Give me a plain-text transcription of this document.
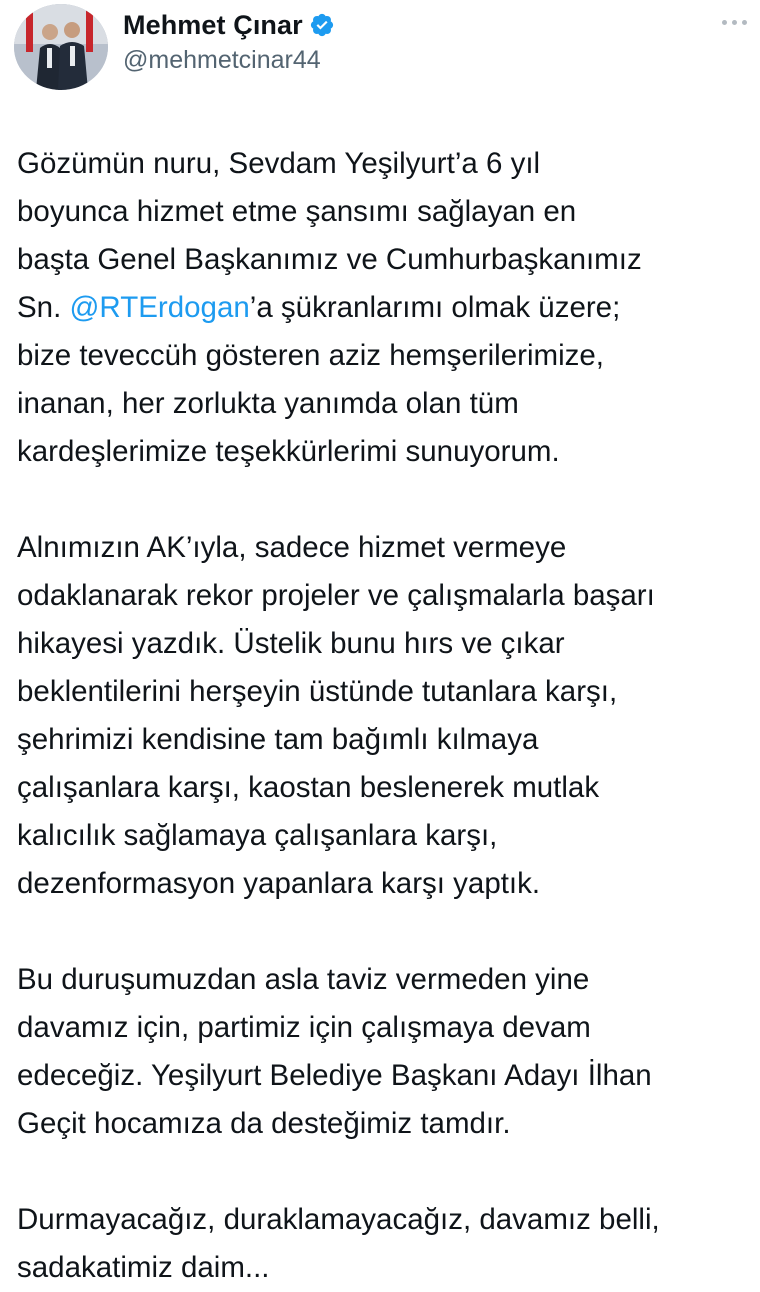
Mehmet Çınar
@mehmetcinar44
Gözümün nuru, Sevdam Yeşilyurt’a 6 yıl
boyunca hizmet etme şansımı sağlayan en
başta Genel Başkanımız ve Cumhurbaşkanımız
Sn. @RTErdogan’a şükranlarımı olmak üzere;
bize teveccüh gösteren aziz hemşerilerimize,
inanan, her zorlukta yanımda olan tüm
kardeşlerimize teşekkürlerimi sunuyorum.
Alnımızın AK’ıyla, sadece hizmet vermeye
odaklanarak rekor projeler ve çalışmalarla başarı
hikayesi yazdık. Üstelik bunu hırs ve çıkar
beklentilerini herşeyin üstünde tutanlara karşı,
şehrimizi kendisine tam bağımlı kılmaya
çalışanlara karşı, kaostan beslenerek mutlak
kalıcılık sağlamaya çalışanlara karşı,
dezenformasyon yapanlara karşı yaptık.
Bu duruşumuzdan asla taviz vermeden yine
davamız için, partimiz için çalışmaya devam
edeceğiz. Yeşilyurt Belediye Başkanı Adayı İlhan
Geçit hocamıza da desteğimiz tamdır.
Durmayacağız, duraklamayacağız, davamız belli,
sadakatimiz daim...
